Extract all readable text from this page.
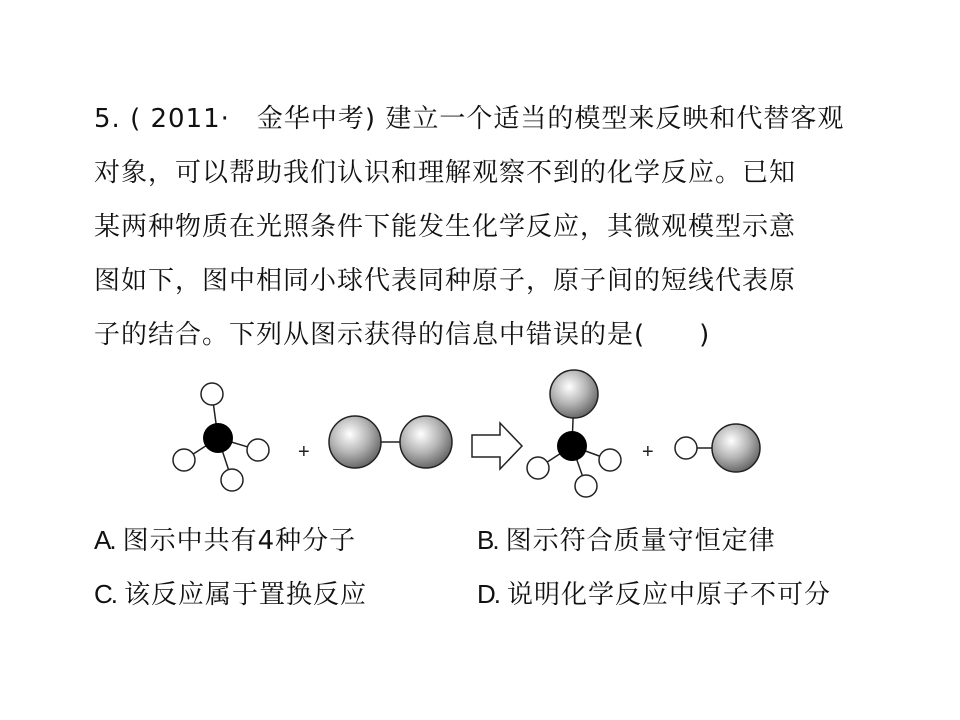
5. ( 2011·　金华中考) 建立一个适当的模型来反映和代替客观
对象，可以帮助我们认识和理解观察不到的化学反应。已知
某两种物质在光照条件下能发生化学反应，其微观模型示意
图如下，图中相同小球代表同种原子，原子间的短线代表原
子的结合。下列从图示获得的信息中错误的是(　　)
+	+
A. 图示中共有4种分子	B. 图示符合质量守恒定律
C. 该反应属于置换反应	D. 说明化学反应中原子不可分
